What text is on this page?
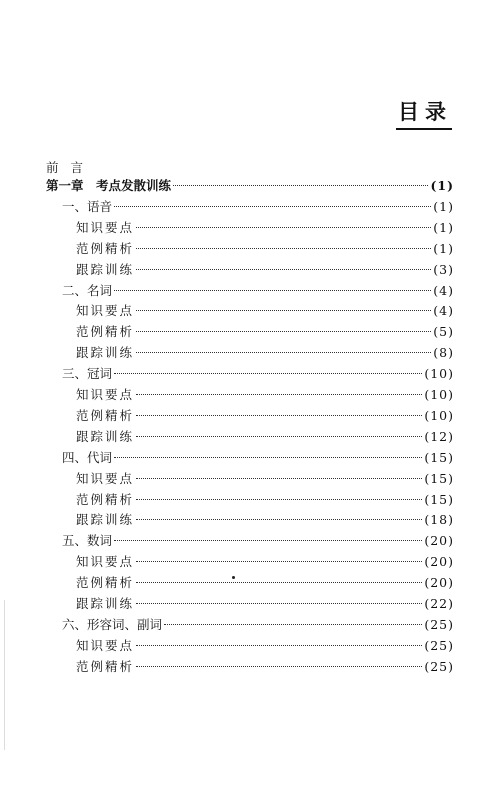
目录
前言
第一章　考点发散训练	(1)
一、语音	(1)
知识要点	(1)
范例精析	(1)
跟踪训练	(3)
二、名词	(4)
知识要点	(4)
范例精析	(5)
跟踪训练	(8)
三、冠词	(10)
知识要点	(10)
范例精析	(10)
跟踪训练	(12)
四、代词	(15)
知识要点	(15)
范例精析	(15)
跟踪训练	(18)
五、数词	(20)
知识要点	(20)
范例精析	(20)
跟踪训练	(22)
六、形容词、副词	(25)
知识要点	(25)
范例精析	(25)
